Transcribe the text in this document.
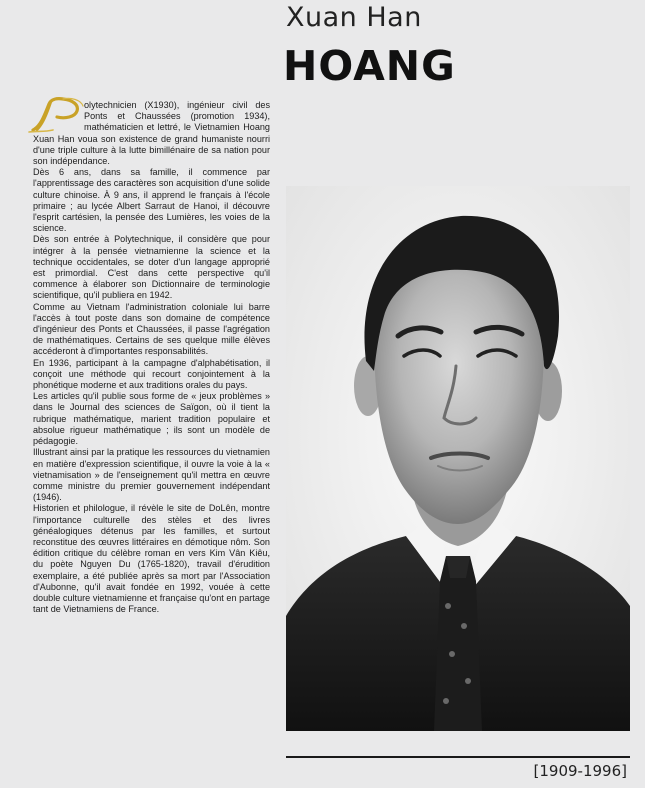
Xuan Han
HOANG

olytechnicien (X1930), ingénieur civil des Ponts et Chaussées (promotion 1934), mathématicien et lettré, le Vietnamien Hoang Xuan Han voua son existence de grand humaniste nourri d'une triple culture à la lutte bimillénaire de sa nation pour son indépendance.

Dès 6 ans, dans sa famille, il commence par l'apprentissage des caractères son acquisition d'une solide culture chinoise. À 9 ans, il apprend le français à l'école primaire ; au lycée Albert Sarraut de Hanoi, il découvre l'esprit cartésien, la pensée des Lumières, les voies de la science.

Dès son entrée à Polytechnique, il considère que pour intégrer à la pensée vietnamienne la science et la technique occidentales, se doter d'un langage approprié est primordial. C'est dans cette perspective qu'il commence à élaborer son Dictionnaire de terminologie scientifique, qu'il publiera en 1942.

Comme au Vietnam l'administration coloniale lui barre l'accès à tout poste dans son domaine de compétence d'ingénieur des Ponts et Chaussées, il passe l'agrégation de mathématiques. Certains de ses quelque mille élèves accéderont à d'importantes responsabilités.

En 1936, participant à la campagne d'alphabétisation, il conçoit une méthode qui recourt conjointement à la phonétique moderne et aux traditions orales du pays.

Les articles qu'il publie sous forme de « jeux problèmes » dans le Journal des sciences de Saïgon, où il tient la rubrique mathématique, marient tradition populaire et absolue rigueur mathématique ; ils sont un modèle de pédagogie.

Illustrant ainsi par la pratique les ressources du vietnamien en matière d'expression scientifique, il ouvre la voie à la « vietnamisation » de l'enseignement qu'il mettra en œuvre comme ministre du premier gouvernement indépendant (1946).

Historien et philologue, il révèle le site de DoLên, montre l'importance culturelle des stèles et des livres généalogiques détenus par les familles, et surtout reconstitue des œuvres littéraires en démotique nôm. Son édition critique du célèbre roman en vers Kim Vân Kiêu, du poète Nguyen Du (1765-1820), travail d'érudition exemplaire, a été publiée après sa mort par l'Association d'Aubonne, qu'il avait fondée en 1992, vouée à cette double culture vietnamienne et française qu'ont en partage tant de Vietnamiens de France.

[1909-1996]
